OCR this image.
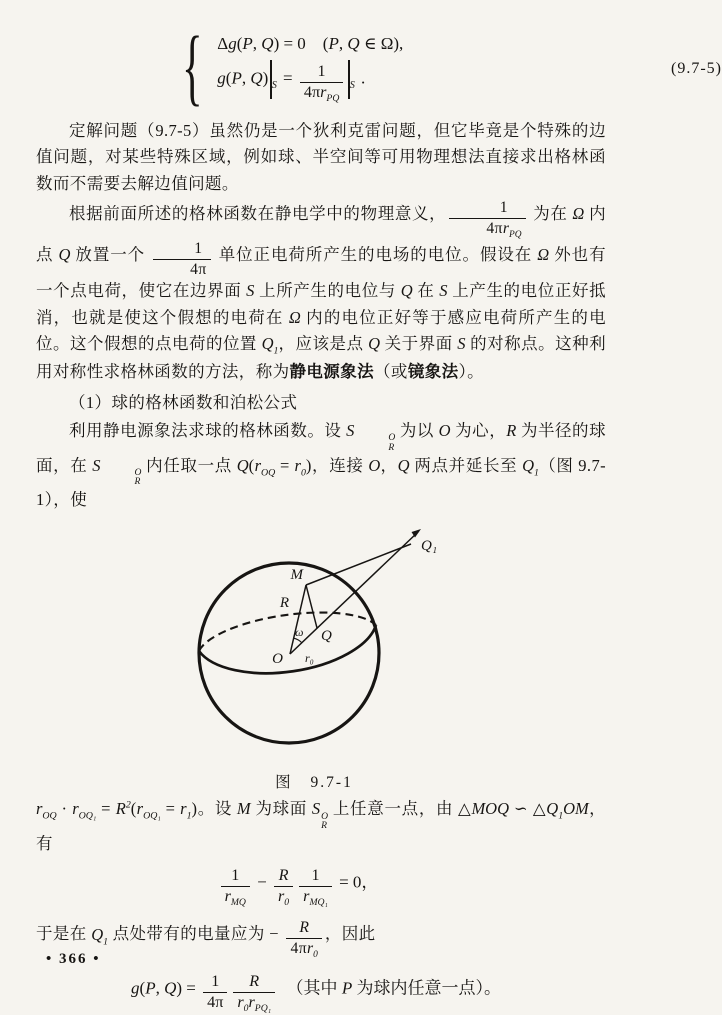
{ Δg(P, Q) = 0　(P, Q ∈ Ω),
g(P, Q) $_S = \frac{1}{4\pi r_{PQ}} _S$ .	(9.7-5)

定解问题（9.7-5）虽然仍是一个狄利克雷问题，但它毕竟是个特殊的边值问题，对某些特殊区域，例如球、半空间等可用物理想法直接求出格林函数而不需要去解边值问题。

根据前面所述的格林函数在静电学中的物理意义， $\frac{1}{4\pi r_{PQ}}$ 为在 Ω 内点 Q 放置一个 $\frac{1}{4\pi}$ 单位正电荷所产生的电场的电位。假设在 Ω 外也有一个点电荷，使它在边界面 S 上所产生的电位与 Q 在 S 上产生的电位正好抵消，也就是使这个假想的电荷在 Ω 内的电位正好等于感应电荷所产生的电位。这个假想的点电荷的位置 $Q_1$，应该是点 Q 关于界面 S 的对称点。这种利用对称性求格林函数的方法，称为静电源象法（或镜象法）。

（1）球的格林函数和泊松公式

利用静电源象法求球的格林函数。设 S	O
R
为以 O 为心，R 为半径的球面，在 S	O
R
内任取一点 $Q(r_{OQ} = r_0)$，连接 O，Q 两点并延长至 $Q_1$（图 9.7-1），使

M
R
ω Q
O r₀
Q₁
图 9.7-1

$r_{OQ} \cdot r_{OQ_1} = R^2(r_{OQ_1} = r_1)$。设 M 为球面 S O
R
上任意一点，由 △MOQ ∽ $\triangle Q_1OM$，有

$\frac{1}{r_{MQ}} - \frac{R}{r_0} \frac{1}{r_{MQ_1}} = 0$，

于是在 $Q_1$ 点处带有的电量应为 − $\frac{R}{4\pi r_0}$ ，因此

g(P, $Q) = \frac{1}{4\pi} \frac{R}{r_0r_{PQ_1}}$ 　（其中 P 为球内任意一点）。
• 366 •
